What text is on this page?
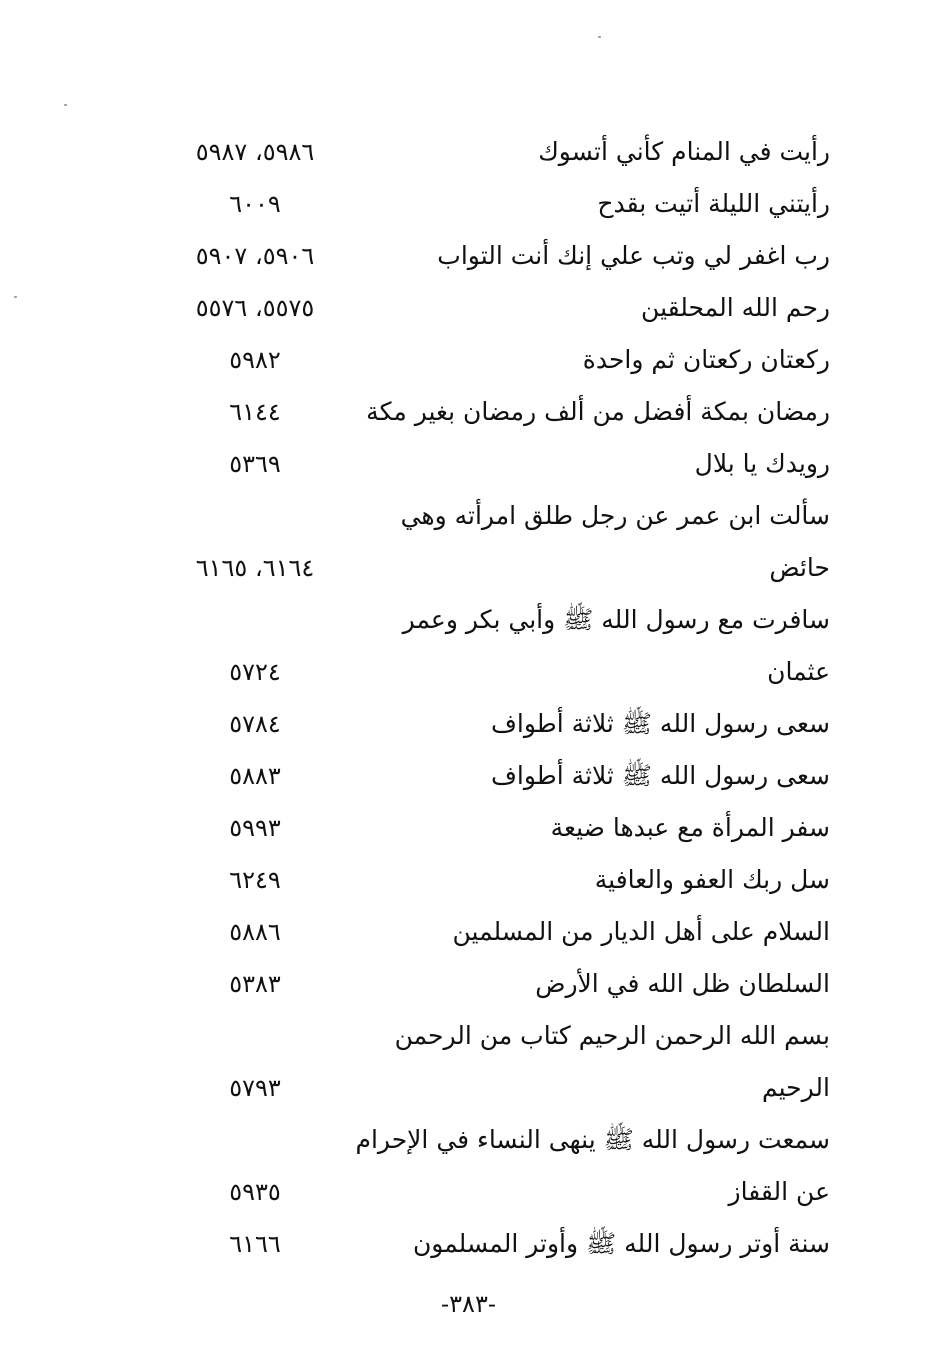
رأيت في المنام كأني أتسوك
٥٩٨٦، ٥٩٨٧
رأيتني الليلة أتيت بقدح
٦٠٠٩
رب اغفر لي وتب علي إنك أنت التواب
٥٩٠٦، ٥٩٠٧
رحم الله المحلقين
٥٥٧٥، ٥٥٧٦
ركعتان ركعتان ثم واحدة
٥٩٨٢
رمضان بمكة أفضل من ألف رمضان بغير مكة
٦١٤٤
رويدك يا بلال
٥٣٦٩
سألت ابن عمر عن رجل طلق امرأته وهي
حائض
٦١٦٤، ٦١٦٥
سافرت مع رسول الله ﷺ وأبي بكر وعمر
عثمان
٥٧٢٤
سعى رسول الله ﷺ ثلاثة أطواف
٥٧٨٤
سعى رسول الله ﷺ ثلاثة أطواف
٥٨٨٣
سفر المرأة مع عبدها ضيعة
٥٩٩٣
سل ربك العفو والعافية
٦٢٤٩
السلام على أهل الديار من المسلمين
٥٨٨٦
السلطان ظل الله في الأرض
٥٣٨٣
بسم الله الرحمن الرحيم كتاب من الرحمن
الرحيم
٥٧٩٣
سمعت رسول الله ﷺ ينهى النساء في الإحرام
عن القفاز
٥٩٣٥
سنة أوتر رسول الله ﷺ وأوتر المسلمون
٦١٦٦
-٣٨٣-
